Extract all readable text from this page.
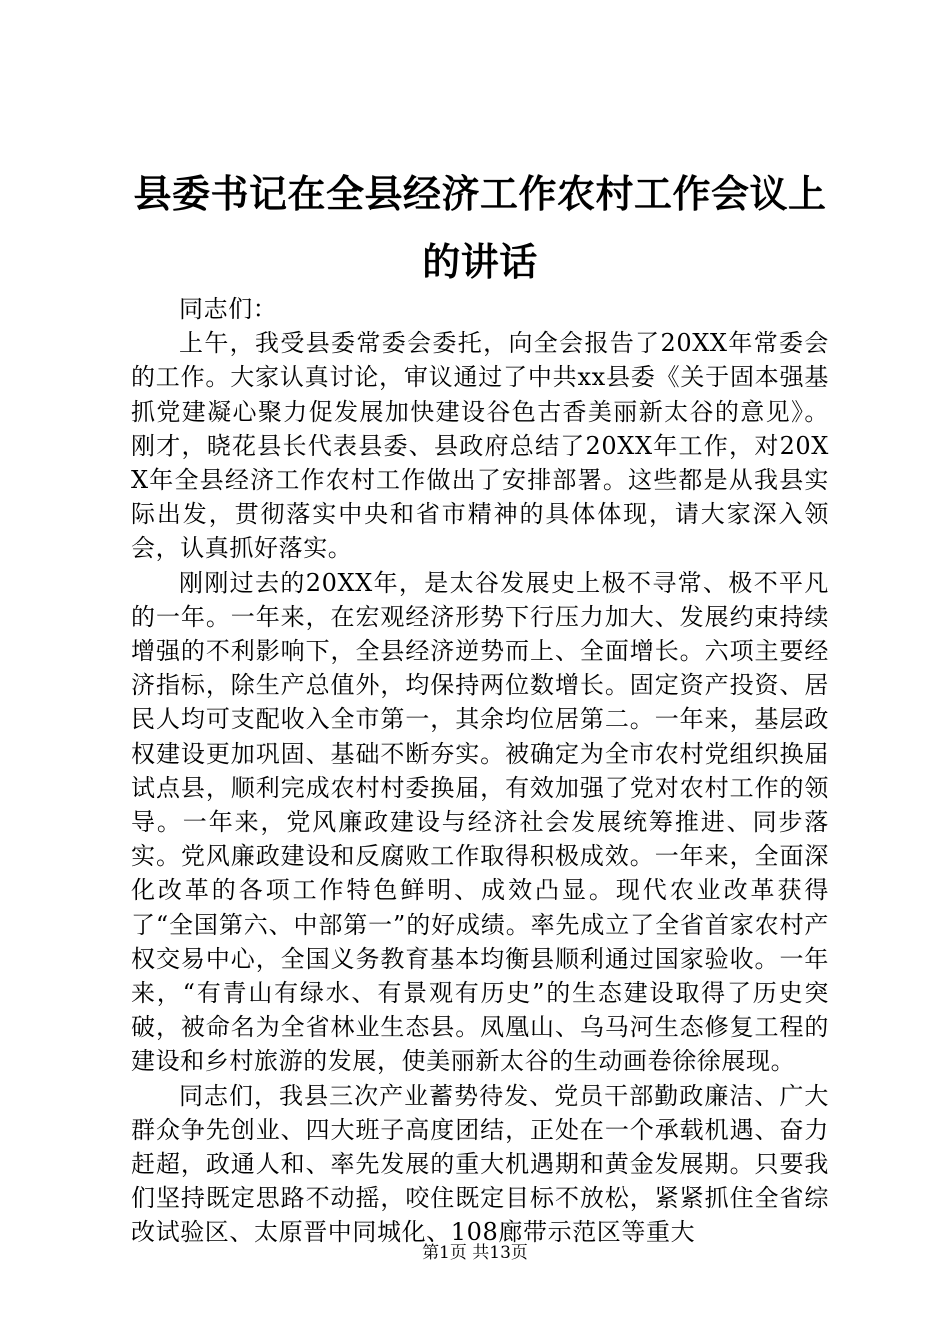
县委书记在全县经济工作农村工作会议上的讲话

同志们：

上午，我受县委常委会委托，向全会报告了20XX年常委会的工作。大家认真讨论，审议通过了中共xx县委《关于固本强基抓党建凝心聚力促发展加快建设谷色古香美丽新太谷的意见》。刚才，晓花县长代表县委、县政府总结了20XX年工作，对20XX年全县经济工作农村工作做出了安排部署。这些都是从我县实际出发，贯彻落实中央和省市精神的具体体现，请大家深入领会，认真抓好落实。

刚刚过去的20XX年，是太谷发展史上极不寻常、极不平凡的一年。一年来，在宏观经济形势下行压力加大、发展约束持续增强的不利影响下，全县经济逆势而上、全面增长。六项主要经济指标，除生产总值外，均保持两位数增长。固定资产投资、居民人均可支配收入全市第一，其余均位居第二。一年来，基层政权建设更加巩固、基础不断夯实。被确定为全市农村党组织换届试点县，顺利完成农村村委换届，有效加强了党对农村工作的领导。一年来，党风廉政建设与经济社会发展统筹推进、同步落实。党风廉政建设和反腐败工作取得积极成效。一年来，全面深化改革的各项工作特色鲜明、成效凸显。现代农业改革获得了“全国第六、中部第一”的好成绩。率先成立了全省首家农村产权交易中心，全国义务教育基本均衡县顺利通过国家验收。一年来，“有青山有绿水、有景观有历史”的生态建设取得了历史突破，被命名为全省林业生态县。凤凰山、乌马河生态修复工程的建设和乡村旅游的发展，使美丽新太谷的生动画卷徐徐展现。

同志们，我县三次产业蓄势待发、党员干部勤政廉洁、广大群众争先创业、四大班子高度团结，正处在一个承载机遇、奋力赶超，政通人和、率先发展的重大机遇期和黄金发展期。只要我们坚持既定思路不动摇，咬住既定目标不放松，紧紧抓住全省综改试验区、太原晋中同城化、108廊带示范区等重大

第1页 共13页
